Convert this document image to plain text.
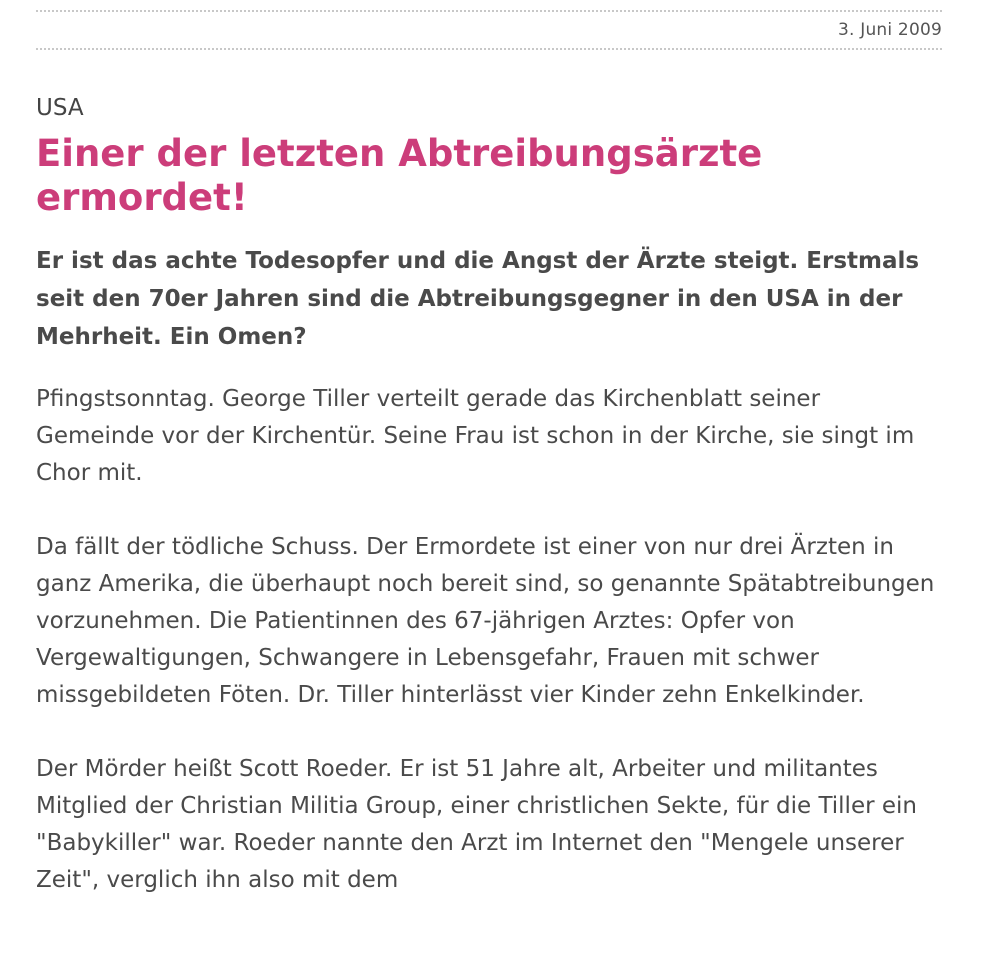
3. Juni 2009
USA
Einer der letzten Abtreibungsärzte ermordet!
Er ist das achte Todesopfer und die Angst der Ärzte steigt. Erstmals seit den 70er Jahren sind die Abtreibungsgegner in den USA in der Mehrheit. Ein Omen?

Pfingstsonntag. George Tiller verteilt gerade das Kirchenblatt seiner Gemeinde vor der Kirchentür. Seine Frau ist schon in der Kirche, sie singt im Chor mit.

Da fällt der tödliche Schuss. Der Ermordete ist einer von nur drei Ärzten in ganz Amerika, die überhaupt noch bereit sind, so genannte Spätabtreibungen vorzunehmen. Die Patientinnen des 67-jährigen Arztes: Opfer von Vergewaltigungen, Schwangere in Lebensgefahr, Frauen mit schwer missgebildeten Föten. Dr. Tiller hinterlässt vier Kinder zehn Enkelkinder.

Der Mörder heißt Scott Roeder. Er ist 51 Jahre alt, Arbeiter und militantes Mitglied der Christian Militia Group, einer christlichen Sekte, für die Tiller ein "Babykiller" war. Roeder nannte den Arzt im Internet den "Mengele unserer Zeit", verglich ihn also mit dem
